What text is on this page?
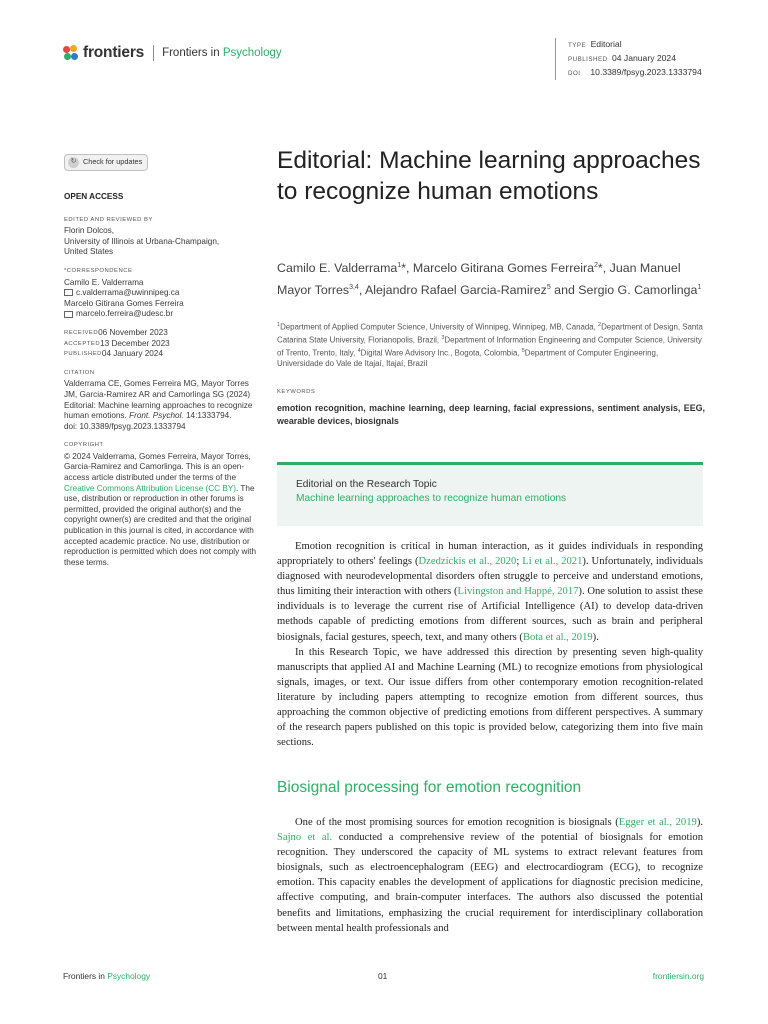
frontiers Frontiers in Psychology
TYPE Editorial
PUBLISHED 04 January 2024
DOI 10.3389/fpsyg.2023.1333794
↻ Check for updates
OPEN ACCESS
EDITED AND REVIEWED BY
Florin Dolcos,
University of Illinois at Urbana-Champaign,
United States
*CORRESPONDENCE
Camilo E. Valderrama
c.valderrama@uwinnipeg.ca
Marcelo Gitirana Gomes Ferreira
marcelo.ferreira@udesc.br
RECEIVED 06 November 2023
ACCEPTED 13 December 2023
PUBLISHED 04 January 2024
CITATION
Valderrama CE, Gomes Ferreira MG, Mayor Torres JM, Garcia-Ramirez AR and Camorlinga SG (2024) Editorial: Machine learning approaches to recognize human emotions. Front. Psychol. 14:1333794.
doi: 10.3389/fpsyg.2023.1333794
COPYRIGHT
© 2024 Valderrama, Gomes Ferreira, Mayor Torres, Garcia-Ramirez and Camorlinga. This is an open-access article distributed under the terms of the Creative Commons Attribution License (CC BY). The use, distribution or reproduction in other forums is permitted, provided the original author(s) and the copyright owner(s) are credited and that the original publication in this journal is cited, in accordance with accepted academic practice. No use, distribution or reproduction is permitted which does not comply with these terms.
Editorial: Machine learning approaches to recognize human emotions
Camilo E. Valderrama$^1$*, Marcelo Gitirana Gomes Ferreira$^2$*, Juan Manuel Mayor Torres$^{3,4}$, Alejandro Rafael Garcia-Ramirez$^5$ and Sergio G. Camorlinga$^1$
$^1$Department of Applied Computer Science, University of Winnipeg, Winnipeg, MB, Canada, $^2$Department of Design, Santa Catarina State University, Florianopolis, Brazil, $^3$Department of Information Engineering and Computer Science, University of Trento, Trento, Italy, $^4$Digital Ware Advisory Inc., Bogota, Colombia, $^5$Department of Computer Engineering, Universidade do Vale de Itajaí, Itajaí, Brazil
KEYWORDS
emotion recognition, machine learning, deep learning, facial expressions, sentiment analysis, EEG, wearable devices, biosignals
Editorial on the Research Topic
Machine learning approaches to recognize human emotions

Emotion recognition is critical in human interaction, as it guides individuals in responding appropriately to others' feelings (Dzedzickis et al., 2020; Li et al., 2021). Unfortunately, individuals diagnosed with neurodevelopmental disorders often struggle to perceive and understand emotions, thus limiting their interaction with others (Livingston and Happé, 2017). One solution to assist these individuals is to leverage the current rise of Artificial Intelligence (AI) to develop data-driven methods capable of predicting emotions from different sources, such as brain and peripheral biosignals, facial gestures, speech, text, and many others (Bota et al., 2019).

In this Research Topic, we have addressed this direction by presenting seven high-quality manuscripts that applied AI and Machine Learning (ML) to recognize emotions from physiological signals, images, or text. Our issue differs from other contemporary emotion recognition-related literature by including papers attempting to recognize emotion from different sources, thus approaching the common objective of predicting emotions from different perspectives. A summary of the research papers published on this topic is provided below, categorizing them into five main sections.

Biosignal processing for emotion recognition

One of the most promising sources for emotion recognition is biosignals (Egger et al., 2019). Sajno et al. conducted a comprehensive review of the potential of biosignals for emotion recognition. They underscored the capacity of ML systems to extract relevant features from biosignals, such as electroencephalogram (EEG) and electrocardiogram (ECG), to recognize emotion. This capacity enables the development of applications for diagnostic precision medicine, affective computing, and brain-computer interfaces. The authors also discussed the potential benefits and limitations, emphasizing the crucial requirement for interdisciplinary collaboration between mental health professionals and

Frontiers in Psychology	01	frontiersin.org
